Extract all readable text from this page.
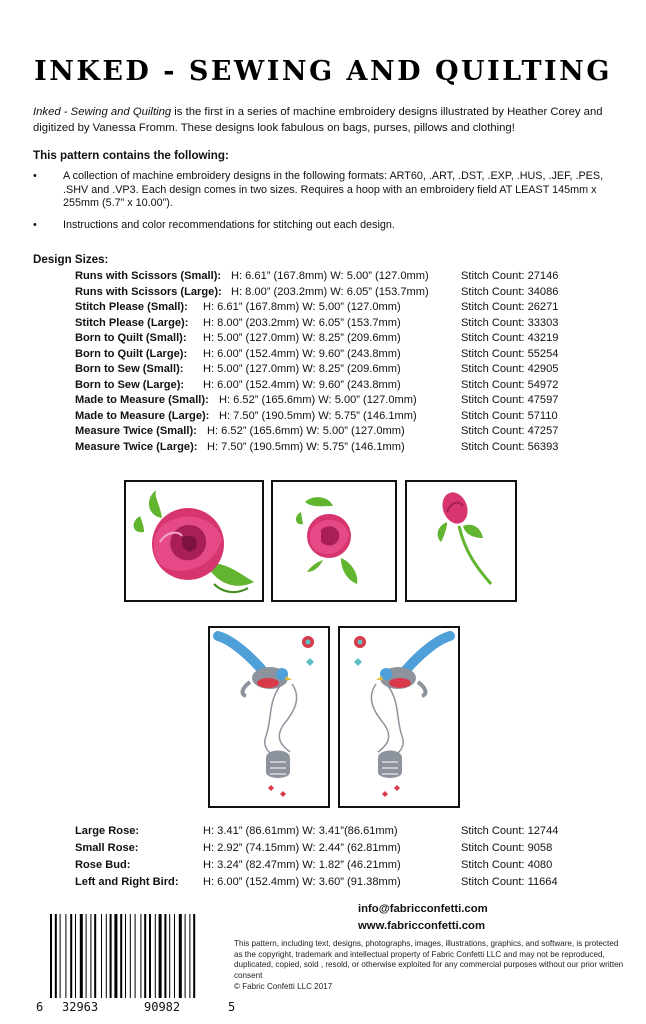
INKED - SEWING AND QUILTING
Inked - Sewing and Quilting is the first in a series of machine embroidery designs illustrated by Heather Corey and digitized by Vanessa Fromm. These designs look fabulous on bags, purses, pillows and clothing!
This pattern contains the following:
• A collection of machine embroidery designs in the following formats: ART60, .ART, .DST, .EXP, .HUS, .JEF, .PES, .SHV and .VP3. Each design comes in two sizes. Requires a hoop with an embroidery field AT LEAST 145mm x 255mm (5.7” x 10.00”).
• Instructions and color recommendations for stitching out each design.
Design Sizes:
Runs with Scissors (Small): H: 6.61” (167.8mm) W: 5.00” (127.0mm)	Stitch Count: 27146
Runs with Scissors (Large): H: 8.00” (203.2mm) W: 6.05” (153.7mm)	Stitch Count: 34086
Stitch Please (Small): H: 6.61” (167.8mm) W: 5.00” (127.0mm)	Stitch Count: 26271
Stitch Please (Large): H: 8.00” (203.2mm) W: 6.05” (153.7mm)	Stitch Count: 33303
Born to Quilt (Small): H: 5.00” (127.0mm) W: 8.25” (209.6mm)	Stitch Count: 43219
Born to Quilt (Large): H: 6.00” (152.4mm) W: 9.60” (243.8mm)	Stitch Count: 55254
Born to Sew (Small): H: 5.00” (127.0mm) W: 8.25” (209.6mm)	Stitch Count: 42905
Born to Sew (Large): H: 6.00” (152.4mm) W: 9.60” (243.8mm)	Stitch Count: 54972
Made to Measure (Small): H: 6.52” (165.6mm) W: 5.00” (127.0mm)	Stitch Count: 47597
Made to Measure (Large): H: 7.50” (190.5mm) W: 5.75” (146.1mm)	Stitch Count: 57110
Measure Twice (Small): H: 6.52” (165.6mm) W: 5.00” (127.0mm)	Stitch Count: 47257
Measure Twice (Large): H: 7.50” (190.5mm) W: 5.75” (146.1mm)	Stitch Count: 56393
Large Rose:	H: 3.41” (86.61mm) W: 3.41”(86.61mm)	Stitch Count: 12744
Small Rose:	H: 2.92” (74.15mm) W: 2.44” (62.81mm)	Stitch Count: 9058
Rose Bud:	H: 3.24” (82.47mm) W: 1.82” (46.21mm)	Stitch Count: 4080
Left and Right Bird: H: 6.00” (152.4mm) W: 3.60” (91.38mm)	Stitch Count: 11664
info@fabricconfetti.com
www.fabricconfetti.com
6 32963	90982	5
This pattern, including text, designs, photographs, images, illustrations, graphics, and software, is protected as the copyright, trademark and intellectual property of Fabric Confetti LLC and may not be reproduced, duplicated, copied, sold , resold, or otherwise exploited for any commercial purposes without our prior written consent
© Fabric Confetti LLC 2017
